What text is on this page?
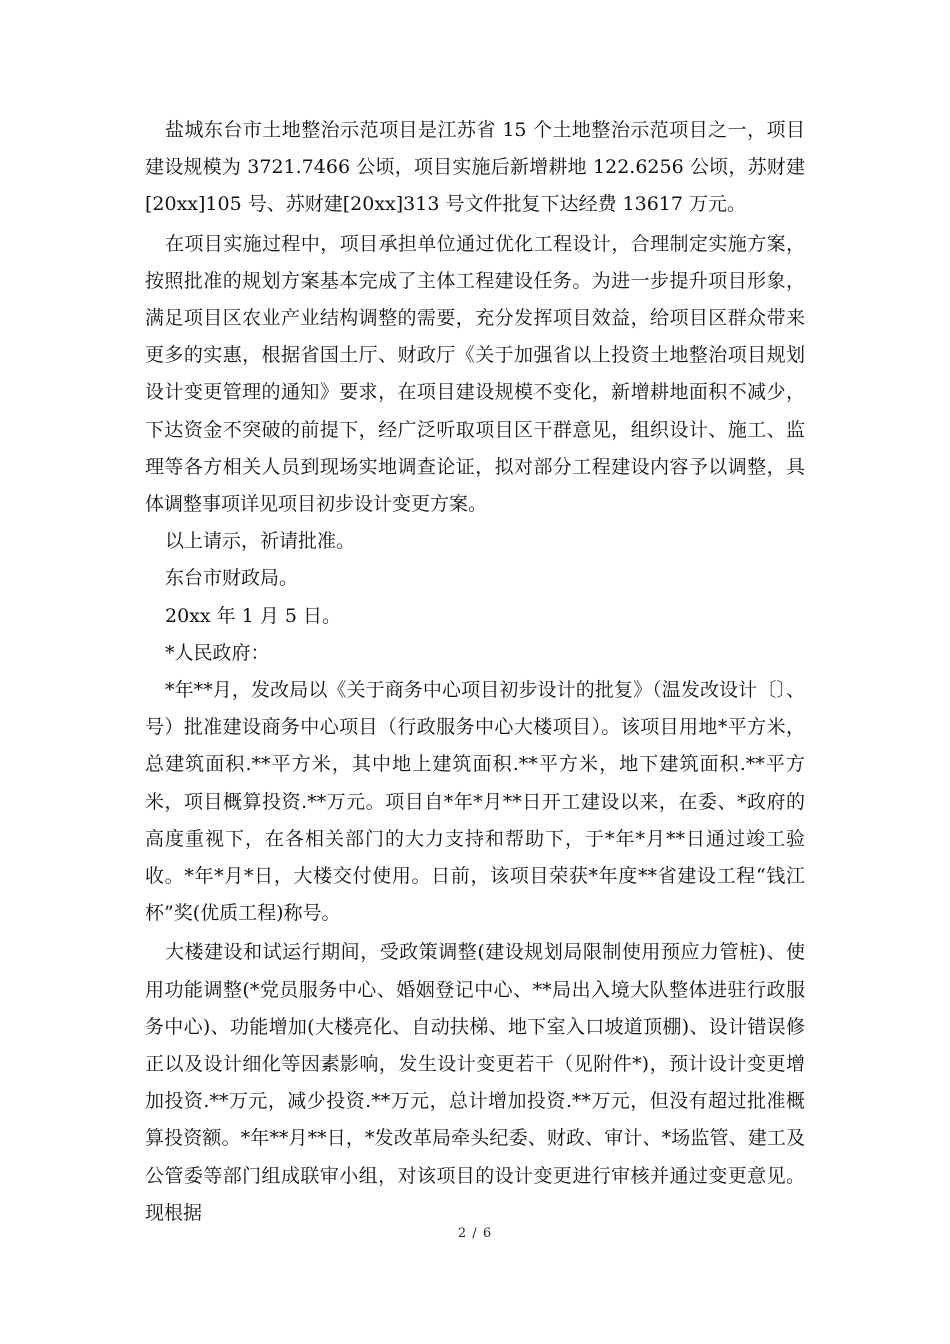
盐城东台市土地整治示范项目是江苏省 15 个土地整治示范项目之一，项目建设规模为 3721.7466 公顷，项目实施后新增耕地 122.6256 公顷，苏财建[20xx]105 号、苏财建[20xx]313 号文件批复下达经费 13617 万元。

在项目实施过程中，项目承担单位通过优化工程设计，合理制定实施方案，按照批准的规划方案基本完成了主体工程建设任务。为进一步提升项目形象，满足项目区农业产业结构调整的需要，充分发挥项目效益，给项目区群众带来更多的实惠，根据省国土厅、财政厅《关于加强省以上投资土地整治项目规划设计变更管理的通知》要求，在项目建设规模不变化，新增耕地面积不减少，下达资金不突破的前提下，经广泛听取项目区干群意见，组织设计、施工、监理等各方相关人员到现场实地调查论证，拟对部分工程建设内容予以调整，具体调整事项详见项目初步设计变更方案。

以上请示，祈请批准。

东台市财政局。

20xx 年 1 月 5 日。

*人民政府：

*年**月，发改局以《关于商务中心项目初步设计的批复》（温发改设计〔〕、号）批准建设商务中心项目（行政服务中心大楼项目）。该项目用地*平方米，总建筑面积.**平方米，其中地上建筑面积.**平方米，地下建筑面积.**平方米，项目概算投资.**万元。项目自*年*月**日开工建设以来，在委、*政府的高度重视下，在各相关部门的大力支持和帮助下，于*年*月**日通过竣工验收。*年*月*日，大楼交付使用。日前，该项目荣获*年度**省建设工程“钱江杯”奖(优质工程)称号。

大楼建设和试运行期间，受政策调整(建设规划局限制使用预应力管桩)、使用功能调整(*党员服务中心、婚姻登记中心、**局出入境大队整体进驻行政服务中心)、功能增加(大楼亮化、自动扶梯、地下室入口坡道顶棚)、设计错误修正以及设计细化等因素影响，发生设计变更若干（见附件*)，预计设计变更增加投资.**万元，减少投资.**万元，总计增加投资.**万元，但没有超过批准概算投资额。*年**月**日，*发改革局牵头纪委、财政、审计、*场监管、建工及公管委等部门组成联审小组，对该项目的设计变更进行审核并通过变更意见。现根据

2 / 6
